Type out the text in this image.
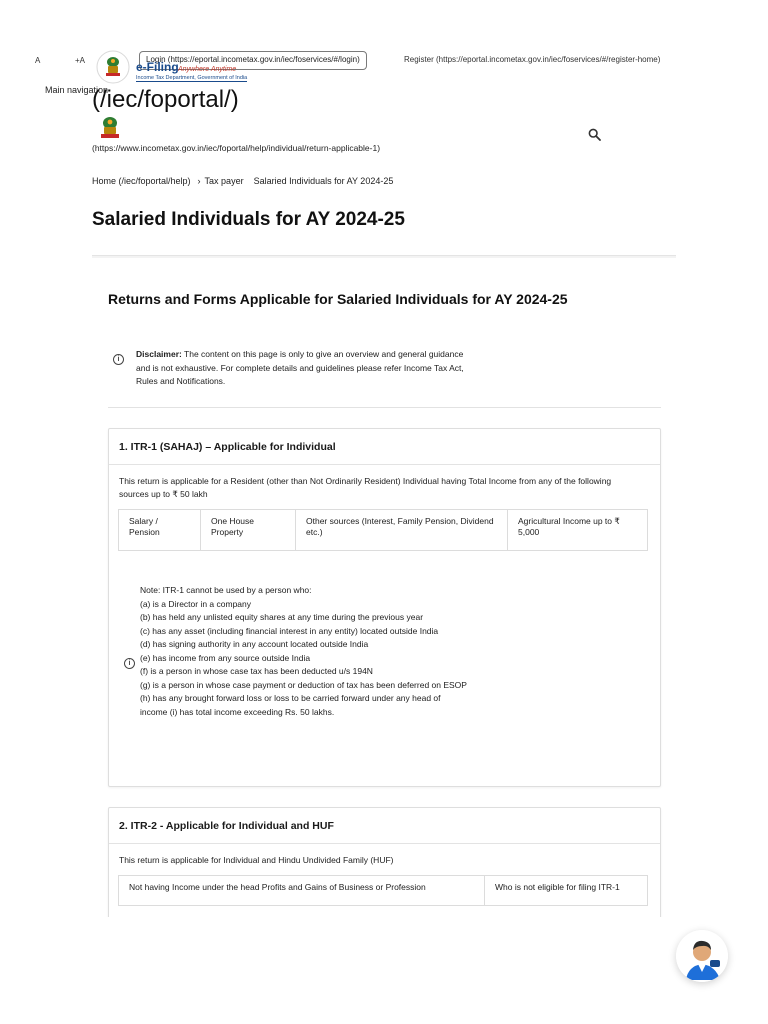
A	+A	Login (https://eportal.incometax.gov.in/iec/foservices/#/login)
e-Filing Anywhere Anytime
Income Tax Department, Government of India
Register (https://eportal.incometax.gov.in/iec/foservices/#/register-home)
Main navigation
(/iec/foportal/)
(https://www.incometax.gov.in/iec/foportal/help/individual/return-applicable-1)
Home (/iec/foportal/help) › Tax payer Salaried Individuals for AY 2024-25
Salaried Individuals for AY 2024-25
Returns and Forms Applicable for Salaried Individuals for AY 2024-25
i
Disclaimer: The content on this page is only to give an overview and general guidance and is not exhaustive. For complete details and guidelines please refer Income Tax Act, Rules and Notifications.
1. ITR-1 (SAHAJ) – Applicable for Individual
This return is applicable for a Resident (other than Not Ordinarily Resident) Individual having Total Income from any of the following sources up to ₹ 50 lakh
Salary / Pension	One House Property	Other sources (Interest, Family Pension, Dividend etc.)	Agricultural Income up to ₹ 5,000
i
Note: ITR-1 cannot be used by a person who:
(a) is a Director in a company
(b) has held any unlisted equity shares at any time during the previous year
(c) has any asset (including financial interest in any entity) located outside India
(d) has signing authority in any account located outside India
(e) has income from any source outside India
(f) is a person in whose case tax has been deducted u/s 194N
(g) is a person in whose case payment or deduction of tax has been deferred on ESOP
(h) has any brought forward loss or loss to be carried forward under any head of income (i) has total income exceeding Rs. 50 lakhs.
2. ITR-2 - Applicable for Individual and HUF
This return is applicable for Individual and Hindu Undivided Family (HUF)
Not having Income under the head Profits and Gains of Business or Profession	Who is not eligible for filing ITR-1
